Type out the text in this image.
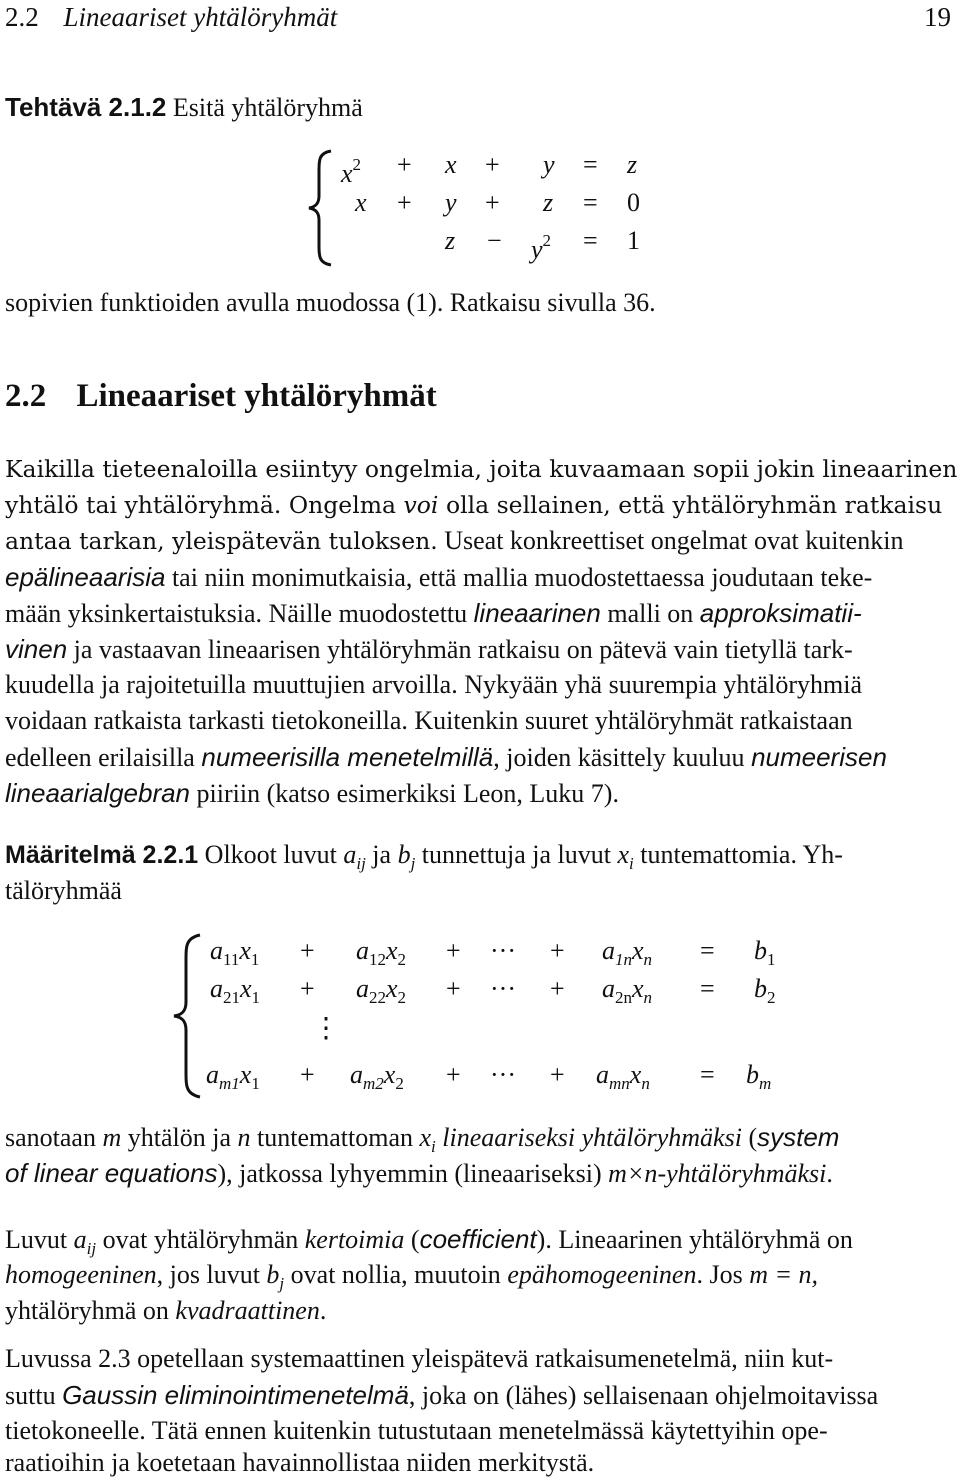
2.2 Lineaariset yhtälöryhmät	19
Tehtävä 2.1.2 Esitä yhtälöryhmä
$x^2 + x + y = z$
x + y + z = 0
$z - y^2 = 1$
sopivien funktioiden avulla muodossa (1). Ratkaisu sivulla 36.
2.2 Lineaariset yhtälöryhmät
Kaikilla tieteenaloilla esiintyy ongelmia, joita kuvaamaan sopii jokin lineaarinen
yhtälö tai yhtälöryhmä. Ongelma voi olla sellainen, että yhtälöryhmän ratkaisu
antaa tarkan, yleispätevän tuloksen. Useat konkreettiset ongelmat ovat kuitenkin
epälineaarisia tai niin monimutkaisia, että mallia muodostettaessa joudutaan teke-
mään yksinkertaistuksia. Näille muodostettu lineaarinen malli on approksimatii-
vinen ja vastaavan lineaarisen yhtälöryhmän ratkaisu on pätevä vain tietyllä tark-
kuudella ja rajoitetuilla muuttujien arvoilla. Nykyään yhä suurempia yhtälöryhmiä
voidaan ratkaista tarkasti tietokoneilla. Kuitenkin suuret yhtälöryhmät ratkaistaan
edelleen erilaisilla numeerisilla menetelmillä, joiden käsittely kuuluu numeerisen
lineaarialgebran piiriin (katso esimerkiksi Leon, Luku 7).
Määritelmä 2.2.1 Olkoot luvut $a_{ij}$ ja $b_j$ tunnettuja ja luvut $x_i$ tuntemattomia. Yh-
tälöryhmää
$a_{11}x_1 + a_{12}x_2$ + ··· + $a_{1n}x_n = b_1$
$a_{21}x_1 + a_{22}x_2$ + ··· + $a_{2n}x_n = b_2$
⋮
$a_{m1}x_1 + a_{m2}x_2$ + ··· + $a_{mn}x_n = b_m$
sanotaan m yhtälön ja n tuntemattoman $x_i$ lineaariseksi yhtälöryhmäksi (system
of linear equations), jatkossa lyhyemmin (lineaariseksi) m×n-yhtälöryhmäksi.
Luvut $a_{ij}$ ovat yhtälöryhmän kertoimia (coefficient). Lineaarinen yhtälöryhmä on
homogeeninen, jos luvut $b_j$ ovat nollia, muutoin epähomogeeninen. Jos m = n,
yhtälöryhmä on kvadraattinen.
Luvussa 2.3 opetellaan systemaattinen yleispätevä ratkaisumenetelmä, niin kut-
suttu Gaussin eliminointimenetelmä, joka on (lähes) sellaisenaan ohjelmoitavissa
tietokoneelle. Tätä ennen kuitenkin tutustutaan menetelmässä käytettyihin ope-
raatioihin ja koetetaan havainnollistaa niiden merkitystä.
